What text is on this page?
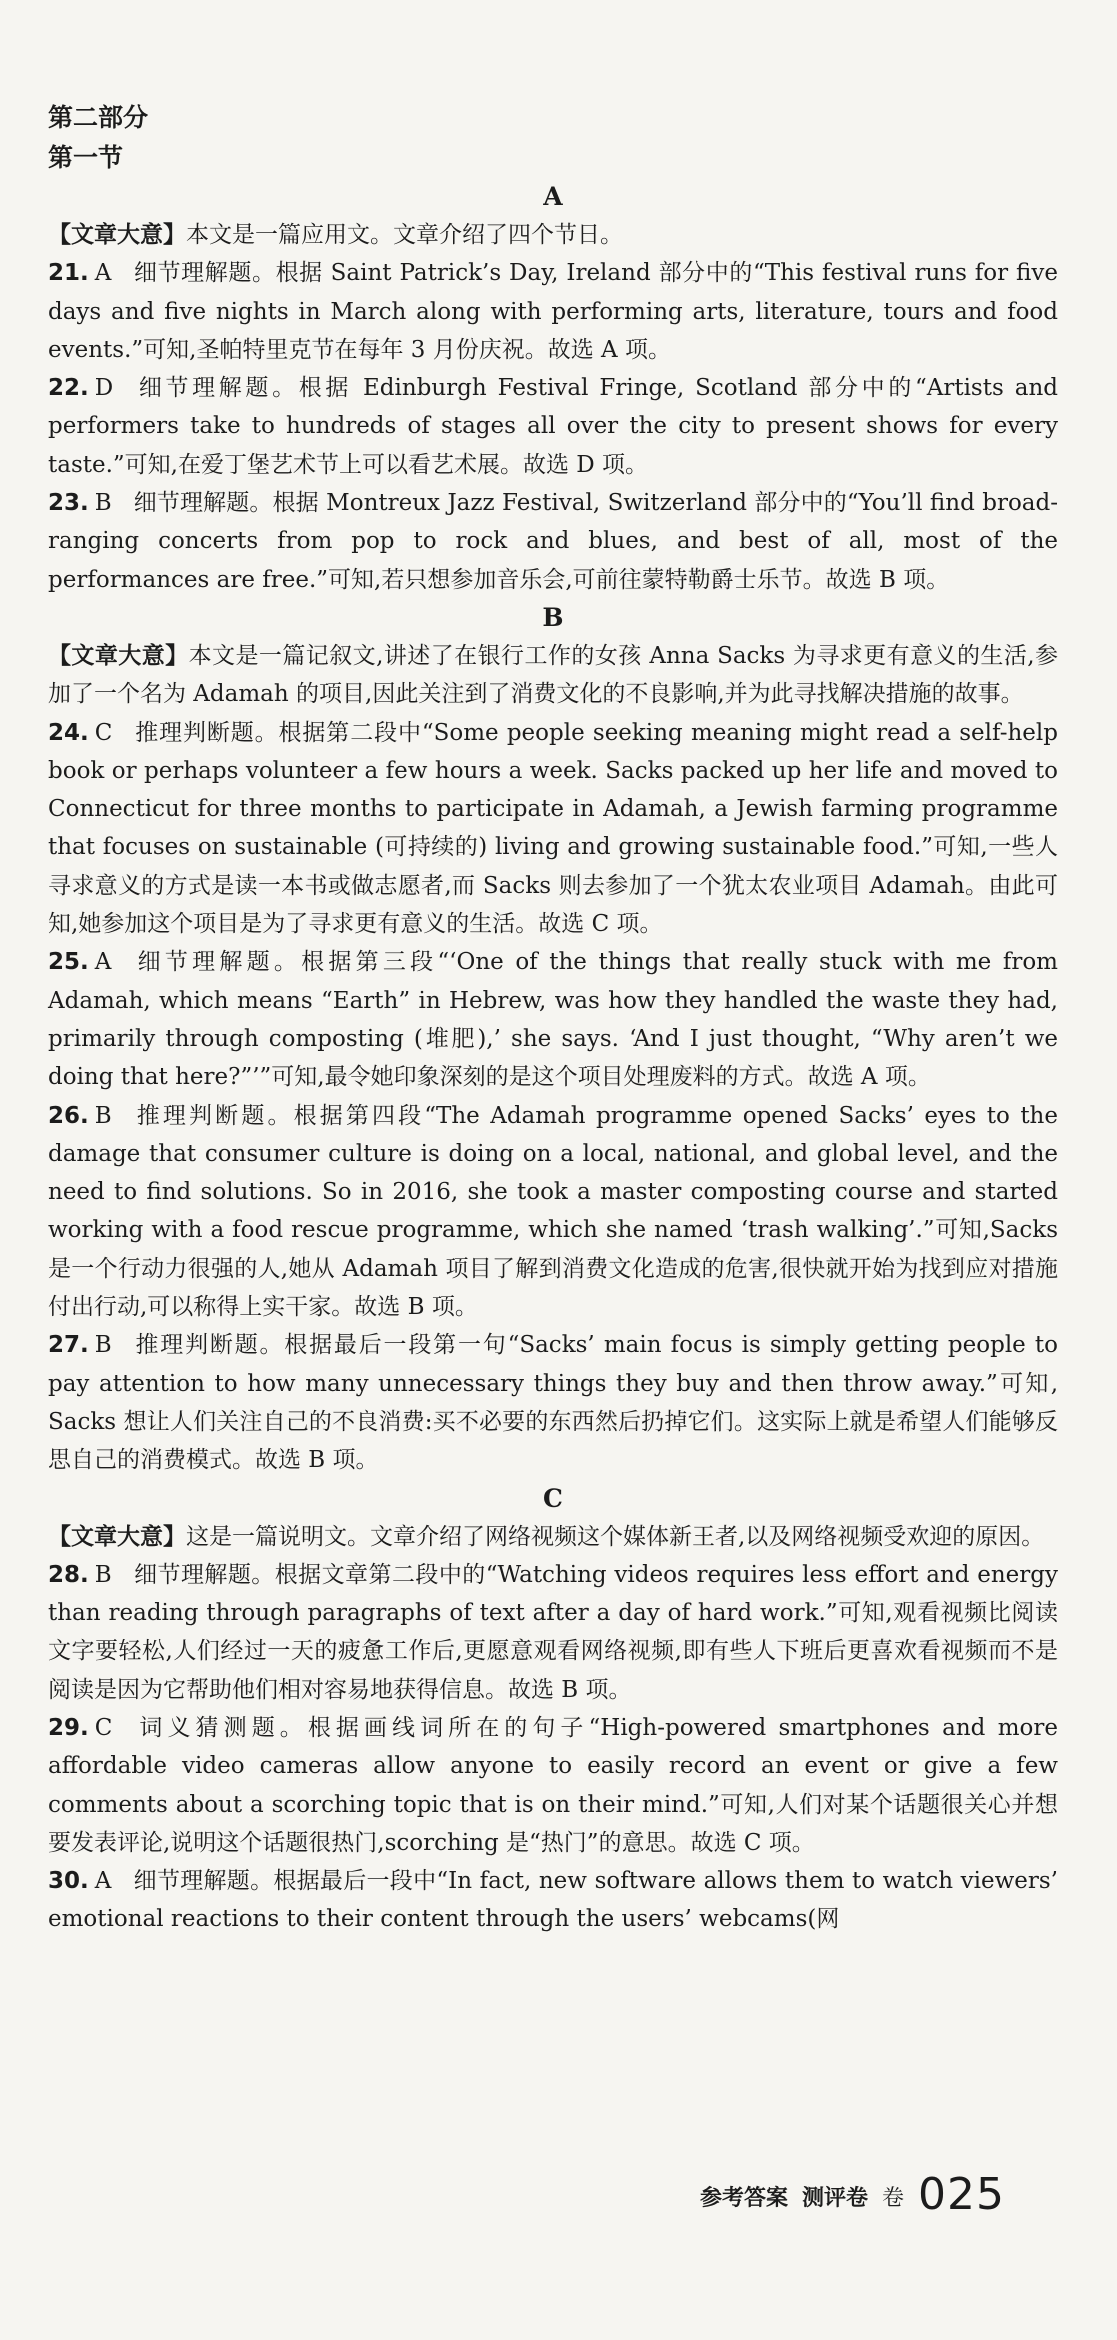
第二部分
第一节
A

【文章大意】本文是一篇应用文。文章介绍了四个节日。

21. A 细节理解题。根据 Saint Patrick’s Day, Ireland 部分中的“This festival runs for five days and five nights in March along with performing arts, literature, tours and food events.”可知,圣帕特里克节在每年 3 月份庆祝。故选 A 项。

22. D 细节理解题。根据 Edinburgh Festival Fringe, Scotland 部分中的“Artists and performers take to hundreds of stages all over the city to present shows for every taste.”可知,在爱丁堡艺术节上可以看艺术展。故选 D 项。

23. B 细节理解题。根据 Montreux Jazz Festival, Switzerland 部分中的“You’ll find broad-ranging concerts from pop to rock and blues, and best of all, most of the performances are free.”可知,若只想参加音乐会,可前往蒙特勒爵士乐节。故选 B 项。

B

【文章大意】本文是一篇记叙文,讲述了在银行工作的女孩 Anna Sacks 为寻求更有意义的生活,参加了一个名为 Adamah 的项目,因此关注到了消费文化的不良影响,并为此寻找解决措施的故事。

24. C 推理判断题。根据第二段中“Some people seeking meaning might read a self-help book or perhaps volunteer a few hours a week. Sacks packed up her life and moved to Connecticut for three months to participate in Adamah, a Jewish farming programme that focuses on sustainable (可持续的) living and growing sustainable food.”可知,一些人寻求意义的方式是读一本书或做志愿者,而 Sacks 则去参加了一个犹太农业项目 Adamah。由此可知,她参加这个项目是为了寻求更有意义的生活。故选 C 项。

25. A 细节理解题。根据第三段“‘One of the things that really stuck with me from Adamah, which means “Earth” in Hebrew, was how they handled the waste they had, primarily through composting (堆肥),’ she says. ‘And I just thought, “Why aren’t we doing that here?”’”可知,最令她印象深刻的是这个项目处理废料的方式。故选 A 项。

26. B 推理判断题。根据第四段“The Adamah programme opened Sacks’ eyes to the damage that consumer culture is doing on a local, national, and global level, and the need to find solutions. So in 2016, she took a master composting course and started working with a food rescue programme, which she named ‘trash walking’.”可知,Sacks 是一个行动力很强的人,她从 Adamah 项目了解到消费文化造成的危害,很快就开始为找到应对措施付出行动,可以称得上实干家。故选 B 项。

27. B 推理判断题。根据最后一段第一句“Sacks’ main focus is simply getting people to pay attention to how many unnecessary things they buy and then throw away.”可知, Sacks 想让人们关注自己的不良消费:买不必要的东西然后扔掉它们。这实际上就是希望人们能够反思自己的消费模式。故选 B 项。

C

【文章大意】这是一篇说明文。文章介绍了网络视频这个媒体新王者,以及网络视频受欢迎的原因。

28. B 细节理解题。根据文章第二段中的“Watching videos requires less effort and energy than reading through paragraphs of text after a day of hard work.”可知,观看视频比阅读文字要轻松,人们经过一天的疲惫工作后,更愿意观看网络视频,即有些人下班后更喜欢看视频而不是阅读是因为它帮助他们相对容易地获得信息。故选 B 项。

29. C 词义猜测题。根据画线词所在的句子“High-powered smartphones and more affordable video cameras allow anyone to easily record an event or give a few comments about a scorching topic that is on their mind.”可知,人们对某个话题很关心并想要发表评论,说明这个话题很热门,scorching 是“热门”的意思。故选 C 项。

30. A 细节理解题。根据最后一段中“In fact, new software allows them to watch viewers’ emotional reactions to their content through the users’ webcams(网

参考答案 测评卷 卷 025
